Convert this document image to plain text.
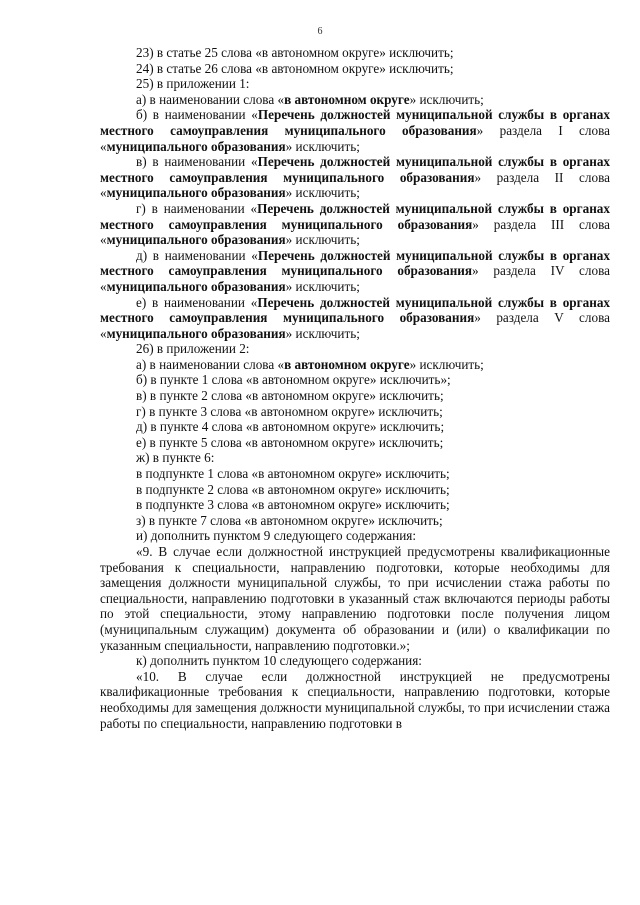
6

23) в статье 25 слова «в автономном округе» исключить;

24) в статье 26 слова «в автономном округе» исключить;

25) в приложении 1:

а) в наименовании слова «в автономном округе» исключить;

б) в наименовании «Перечень должностей муниципальной службы в органах местного самоуправления муниципального образования» раздела I слова «муниципального образования» исключить;

в) в наименовании «Перечень должностей муниципальной службы в органах местного самоуправления муниципального образования» раздела II слова «муниципального образования» исключить;

г) в наименовании «Перечень должностей муниципальной службы в органах местного самоуправления муниципального образования» раздела III слова «муниципального образования» исключить;

д) в наименовании «Перечень должностей муниципальной службы в органах местного самоуправления муниципального образования» раздела IV слова «муниципального образования» исключить;

е) в наименовании «Перечень должностей муниципальной службы в органах местного самоуправления муниципального образования» раздела V слова «муниципального образования» исключить;

26) в приложении 2:

а) в наименовании слова «в автономном округе» исключить;

б) в пункте 1 слова «в автономном округе» исключить»;

в) в пункте 2 слова «в автономном округе» исключить;

г) в пункте 3 слова «в автономном округе» исключить;

д) в пункте 4 слова «в автономном округе» исключить;

е) в пункте 5 слова «в автономном округе» исключить;

ж) в пункте 6:

в подпункте 1 слова «в автономном округе» исключить;

в подпункте 2 слова «в автономном округе» исключить;

в подпункте 3 слова «в автономном округе» исключить;

з) в пункте 7 слова «в автономном округе» исключить;

и) дополнить пунктом 9 следующего содержания:

«9. В случае если должностной инструкцией предусмотрены квалификационные требования к специальности, направлению подготовки, которые необходимы для замещения должности муниципальной службы, то при исчислении стажа работы по специальности, направлению подготовки в указанный стаж включаются периоды работы по этой специальности, этому направлению подготовки после получения лицом (муниципальным служащим) документа об образовании и (или) о квалификации по указанным специальности, направлению подготовки.»;

к) дополнить пунктом 10 следующего содержания:

«10. В случае если должностной инструкцией не предусмотрены квалификационные требования к специальности, направлению подготовки, которые необходимы для замещения должности муниципальной службы, то при исчислении стажа работы по специальности, направлению подготовки в
